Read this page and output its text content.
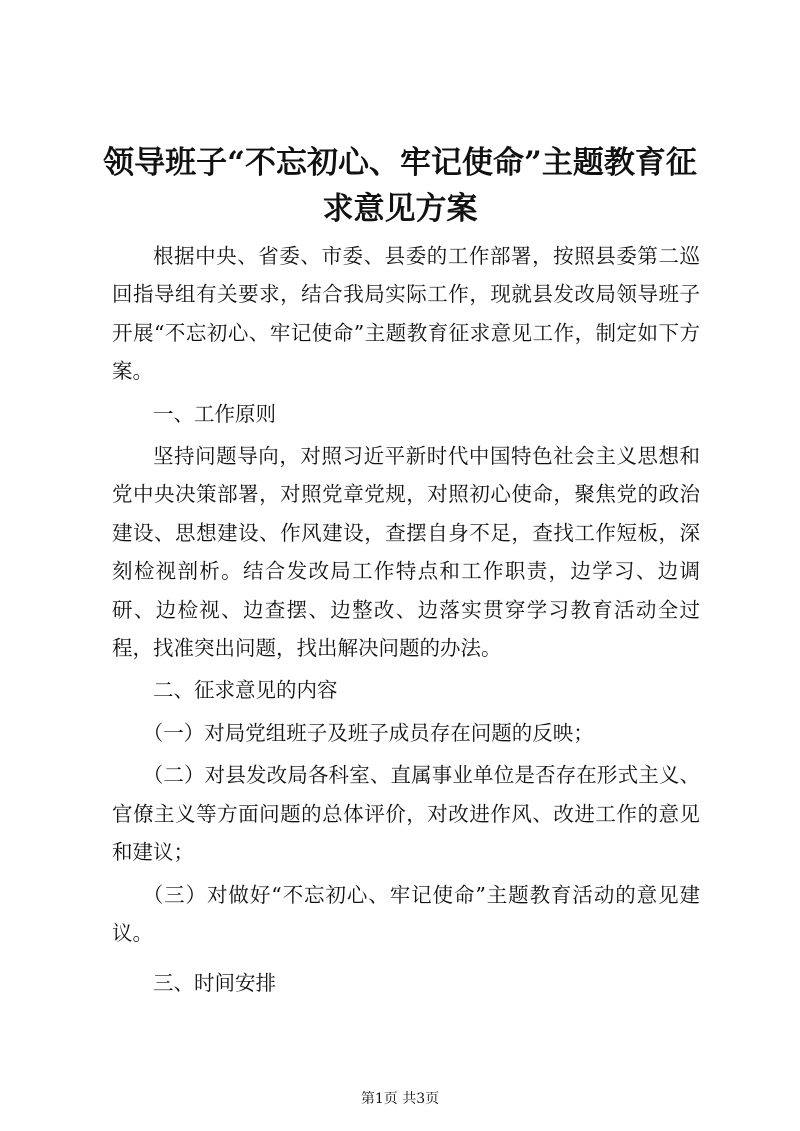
领导班子“不忘初心、牢记使命”主题教育征求意见方案

根据中央、省委、市委、县委的工作部署，按照县委第二巡回指导组有关要求，结合我局实际工作，现就县发改局领导班子开展“不忘初心、牢记使命”主题教育征求意见工作，制定如下方案。

一、工作原则

坚持问题导向，对照习近平新时代中国特色社会主义思想和党中央决策部署，对照党章党规，对照初心使命，聚焦党的政治建设、思想建设、作风建设，查摆自身不足，查找工作短板，深刻检视剖析。结合发改局工作特点和工作职责，边学习、边调研、边检视、边查摆、边整改、边落实贯穿学习教育活动全过程，找准突出问题，找出解决问题的办法。

二、征求意见的内容

（一）对局党组班子及班子成员存在问题的反映；

（二）对县发改局各科室、直属事业单位是否存在形式主义、官僚主义等方面问题的总体评价，对改进作风、改进工作的意见和建议；

（三）对做好“不忘初心、牢记使命”主题教育活动的意见建议。

三、时间安排

第1页 共3页
